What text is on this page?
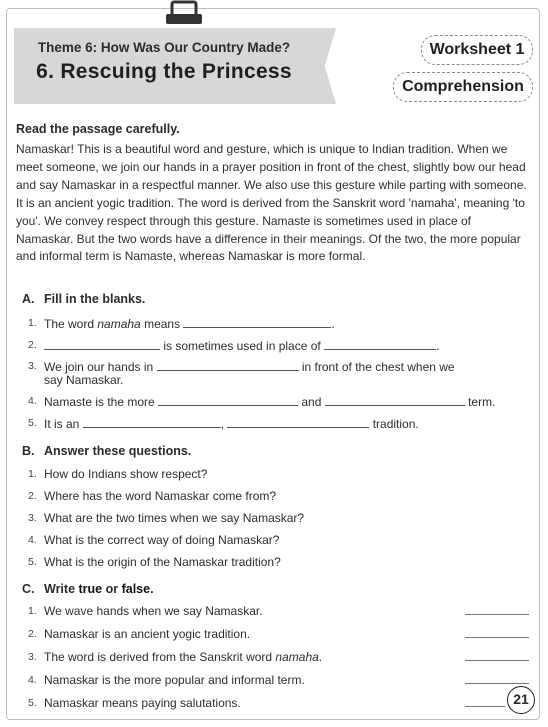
Theme 6: How Was Our Country Made?
6. Rescuing the Princess
Worksheet 1
Comprehension
Read the passage carefully.
Namaskar! This is a beautiful word and gesture, which is unique to Indian tradition. When we meet someone, we join our hands in a prayer position in front of the chest, slightly bow our head and say Namaskar in a respectful manner. We also use this gesture while parting with someone. It is an ancient yogic tradition. The word is derived from the Sanskrit word 'namaha', meaning 'to you'. We convey respect through this gesture. Namaste is sometimes used in place of Namaskar. But the two words have a difference in their meanings. Of the two, the more popular and informal term is Namaste, whereas Namaskar is more formal.
A. Fill in the blanks.
1. The word namaha means	.
2.	is sometimes used in place of	.
3. We join our hands in	in front of the chest when we
say Namaskar.
4. Namaste is the more	and	term.
5. It is an	,	tradition.
B. Answer these questions.
1. How do Indians show respect?
2. Where has the word Namaskar come from?
3. What are the two times when we say Namaskar?
4. What is the correct way of doing Namaskar?
5. What is the origin of the Namaskar tradition?
C. Write true or false.
1. We wave hands when we say Namaskar.
2. Namaskar is an ancient yogic tradition.
3. The word is derived from the Sanskrit word namaha.
4. Namaskar is the more popular and informal term.
5. Namaskar means paying salutations.	21
